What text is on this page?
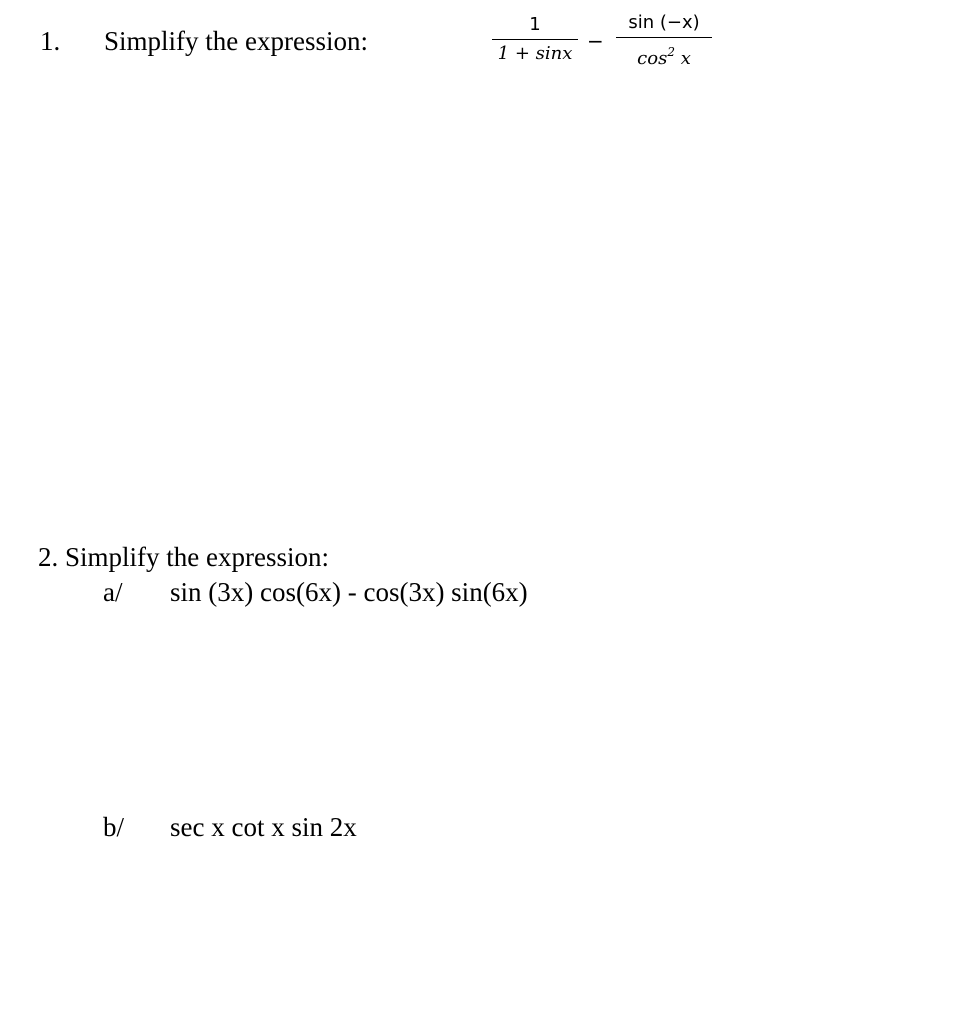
1. Simplify the expression:
1
1 + sinx
−
sin (−x)
$\cos^2 x$
2. Simplify the expression:
a/ sin (3x) cos(6x) - cos(3x) sin(6x)
b/ sec x cot x sin 2x
